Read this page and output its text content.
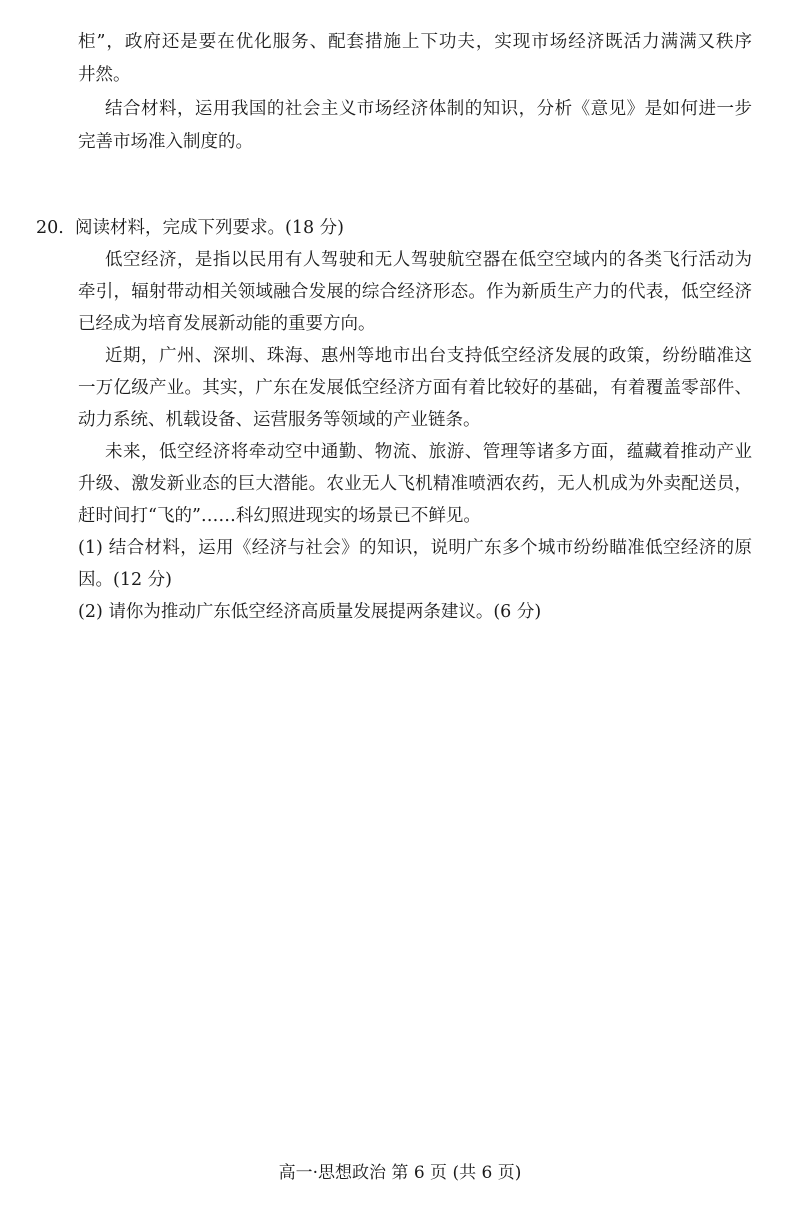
柜”，政府还是要在优化服务、配套措施上下功夫，实现市场经济既活力满满又秩序
井然。
结合材料，运用我国的社会主义市场经济体制的知识，分析《意见》是如何进一步
完善市场准入制度的。
20. 阅读材料，完成下列要求。(18 分)
低空经济，是指以民用有人驾驶和无人驾驶航空器在低空空域内的各类飞行活动为
牵引，辐射带动相关领域融合发展的综合经济形态。作为新质生产力的代表，低空经济
已经成为培育发展新动能的重要方向。
近期，广州、深圳、珠海、惠州等地市出台支持低空经济发展的政策，纷纷瞄准这
一万亿级产业。其实，广东在发展低空经济方面有着比较好的基础，有着覆盖零部件、
动力系统、机载设备、运营服务等领域的产业链条。
未来，低空经济将牵动空中通勤、物流、旅游、管理等诸多方面，蕴藏着推动产业
升级、激发新业态的巨大潜能。农业无人飞机精准喷洒农药，无人机成为外卖配送员，
赶时间打“飞的”……科幻照进现实的场景已不鲜见。
(1) 结合材料，运用《经济与社会》的知识，说明广东多个城市纷纷瞄准低空经济的原
因。(12 分)
(2) 请你为推动广东低空经济高质量发展提两条建议。(6 分)
高一·思想政治 第 6 页 (共 6 页)
